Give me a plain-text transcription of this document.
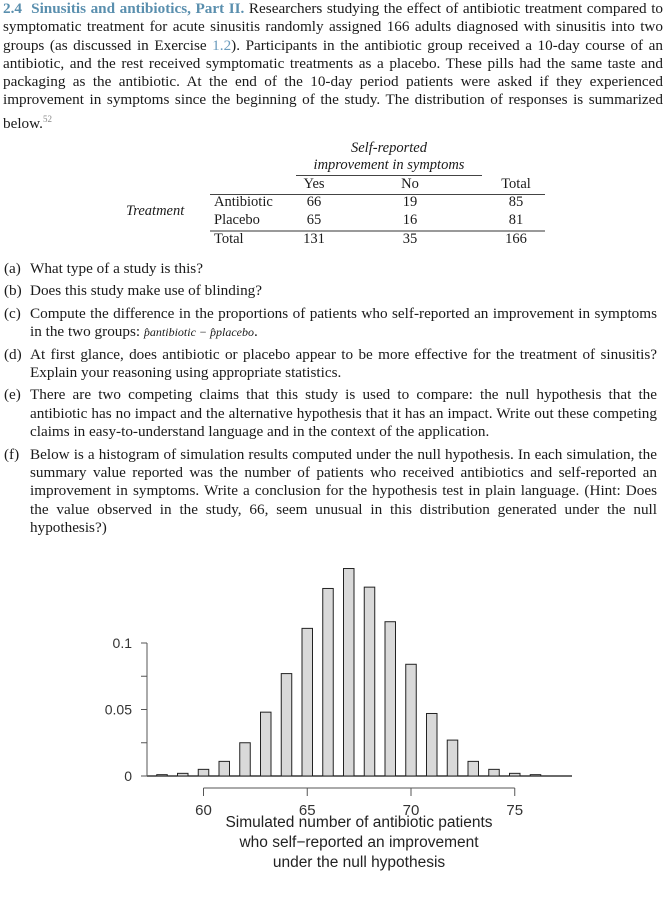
2.4 Sinusitis and antibiotics, Part II. Researchers studying the effect of antibiotic treatment compared to symptomatic treatment for acute sinusitis randomly assigned 166 adults diagnosed with sinusitis into two groups (as discussed in Exercise 1.2). Participants in the antibiotic group received a 10-day course of an antibiotic, and the rest received symptomatic treatments as a placebo. These pills had the same taste and packaging as the antibiotic. At the end of the 10-day period patients were asked if they experienced improvement in symptoms since the beginning of the study. The distribution of responses is summarized below.$^{52}$
Self-reported
improvement in symptoms
Yes	No	Total
Treatment
Antibiotic	66	19	85
Placebo	65	16	81
Total	131	35	166
(a) What type of a study is this?
(b) Does this study make use of blinding?
(c) Compute the difference in the proportions of patients who self-reported an improvement in symptoms in the two groups: p̂antibiotic − p̂placebo.
(d) At first glance, does antibiotic or placebo appear to be more effective for the treatment of sinusitis? Explain your reasoning using appropriate statistics.
(e) There are two competing claims that this study is used to compare: the null hypothesis that the antibiotic has no impact and the alternative hypothesis that it has an impact. Write out these competing claims in easy-to-understand language and in the context of the application.
(f) Below is a histogram of simulation results computed under the null hypothesis. In each simulation, the summary value reported was the number of patients who received antibiotics and self-reported an improvement in symptoms. Write a conclusion for the hypothesis test in plain language. (Hint: Does the value observed in the study, 66, seem unusual in this distribution generated under the null hypothesis?)
0
0.05
0.1
60	65	70	75
Simulated number of antibiotic patients
who self−reported an improvement
under the null hypothesis
